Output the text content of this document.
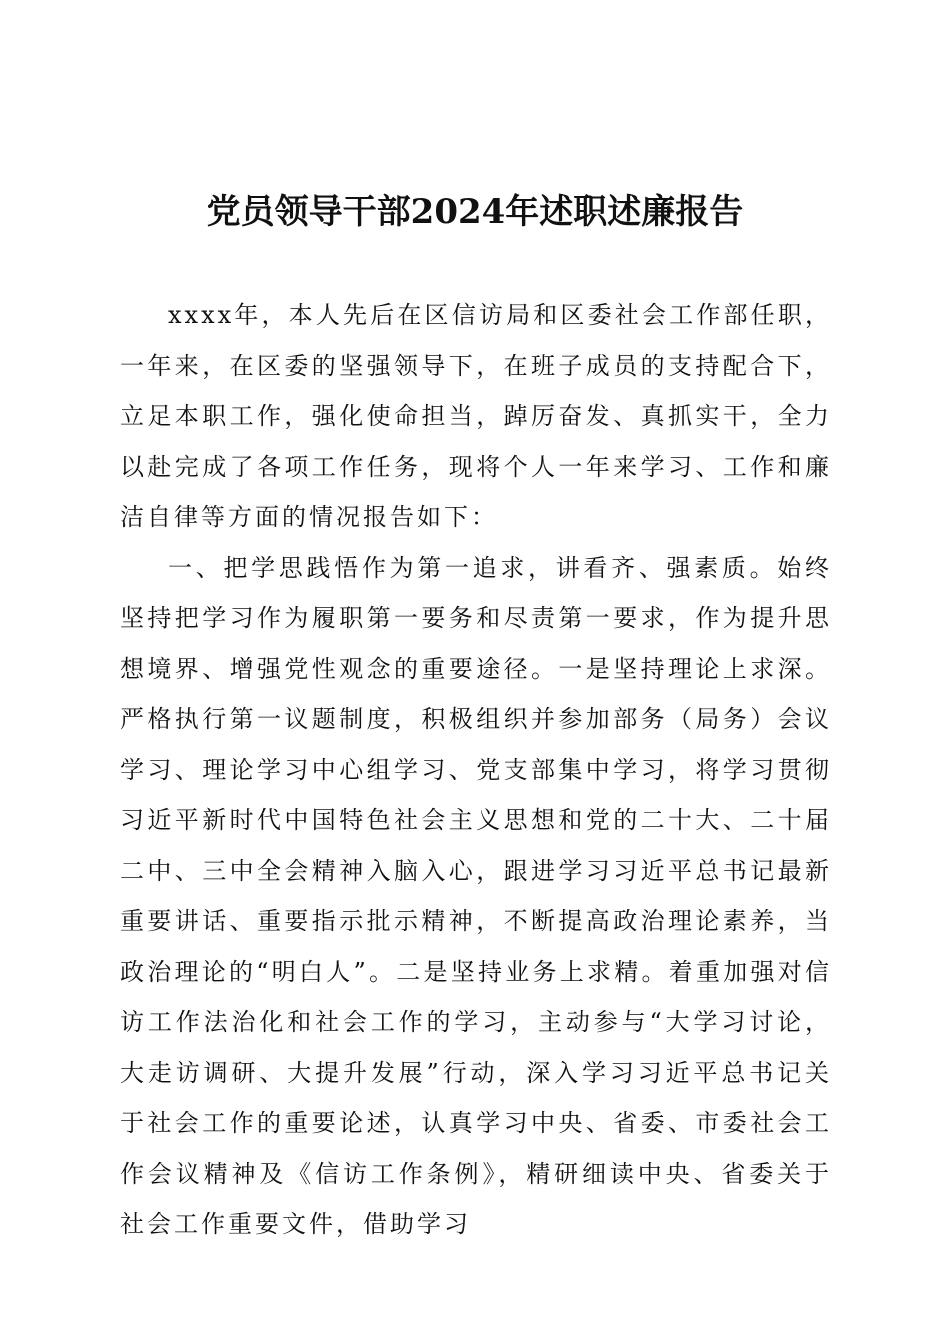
党员领导干部2024年述职述廉报告

xxxx年，本人先后在区信访局和区委社会工作部任职，一年来，在区委的坚强领导下，在班子成员的支持配合下，立足本职工作，强化使命担当，踔厉奋发、真抓实干，全力以赴完成了各项工作任务，现将个人一年来学习、工作和廉洁自律等方面的情况报告如下：

一、把学思践悟作为第一追求，讲看齐、强素质。始终坚持把学习作为履职第一要务和尽责第一要求，作为提升思想境界、增强党性观念的重要途径。一是坚持理论上求深。严格执行第一议题制度，积极组织并参加部务（局务）会议学习、理论学习中心组学习、党支部集中学习，将学习贯彻习近平新时代中国特色社会主义思想和党的二十大、二十届二中、三中全会精神入脑入心，跟进学习习近平总书记最新重要讲话、重要指示批示精神，不断提高政治理论素养，当政治理论的“明白人”。二是坚持业务上求精。着重加强对信访工作法治化和社会工作的学习，主动参与“大学习讨论，大走访调研、大提升发展”行动，深入学习习近平总书记关于社会工作的重要论述，认真学习中央、省委、市委社会工作会议精神及《信访工作条例》，精研细读中央、省委关于社会工作重要文件，借助学习
